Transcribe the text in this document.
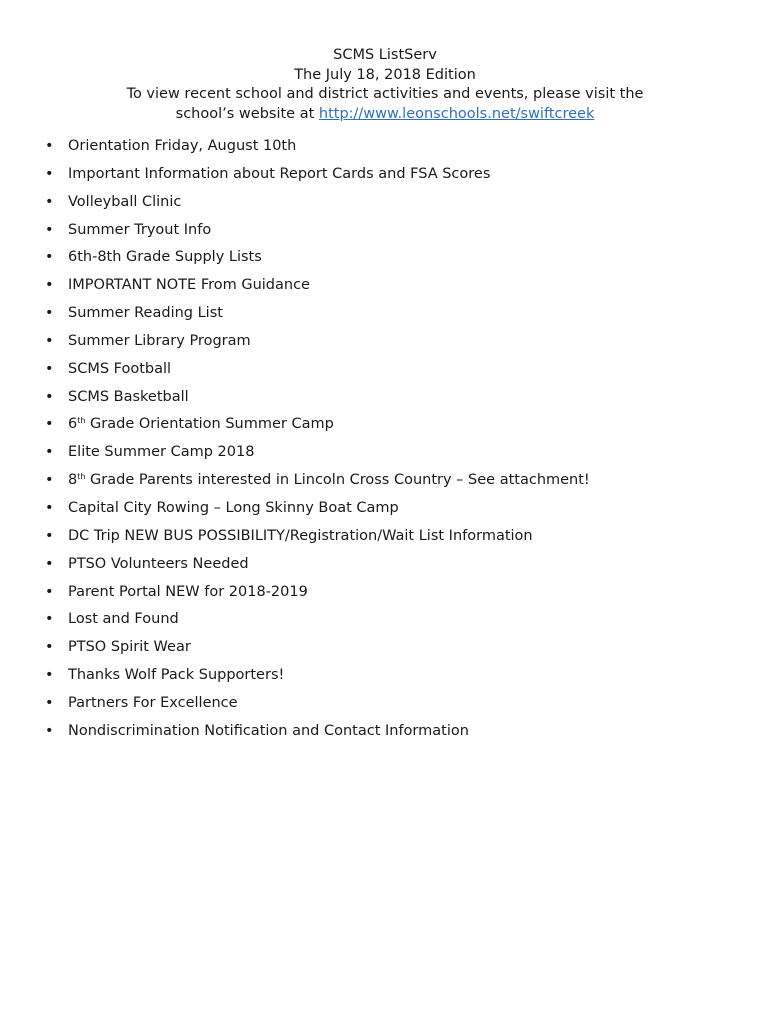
SCMS ListServ
The July 18, 2018 Edition
To view recent school and district activities and events, please visit the
school’s website at http://www.leonschools.net/swiftcreek
• Orientation Friday, August 10th
• Important Information about Report Cards and FSA Scores
• Volleyball Clinic
• Summer Tryout Info
• 6th-8th Grade Supply Lists
• IMPORTANT NOTE From Guidance
• Summer Reading List
• Summer Library Program
• SCMS Football
• SCMS Basketball
• 6th Grade Orientation Summer Camp
• Elite Summer Camp 2018
• 8th Grade Parents interested in Lincoln Cross Country – See attachment!
• Capital City Rowing – Long Skinny Boat Camp
• DC Trip NEW BUS POSSIBILITY/Registration/Wait List Information
• PTSO Volunteers Needed
• Parent Portal NEW for 2018-2019
• Lost and Found
• PTSO Spirit Wear
• Thanks Wolf Pack Supporters!
• Partners For Excellence
• Nondiscrimination Notification and Contact Information
